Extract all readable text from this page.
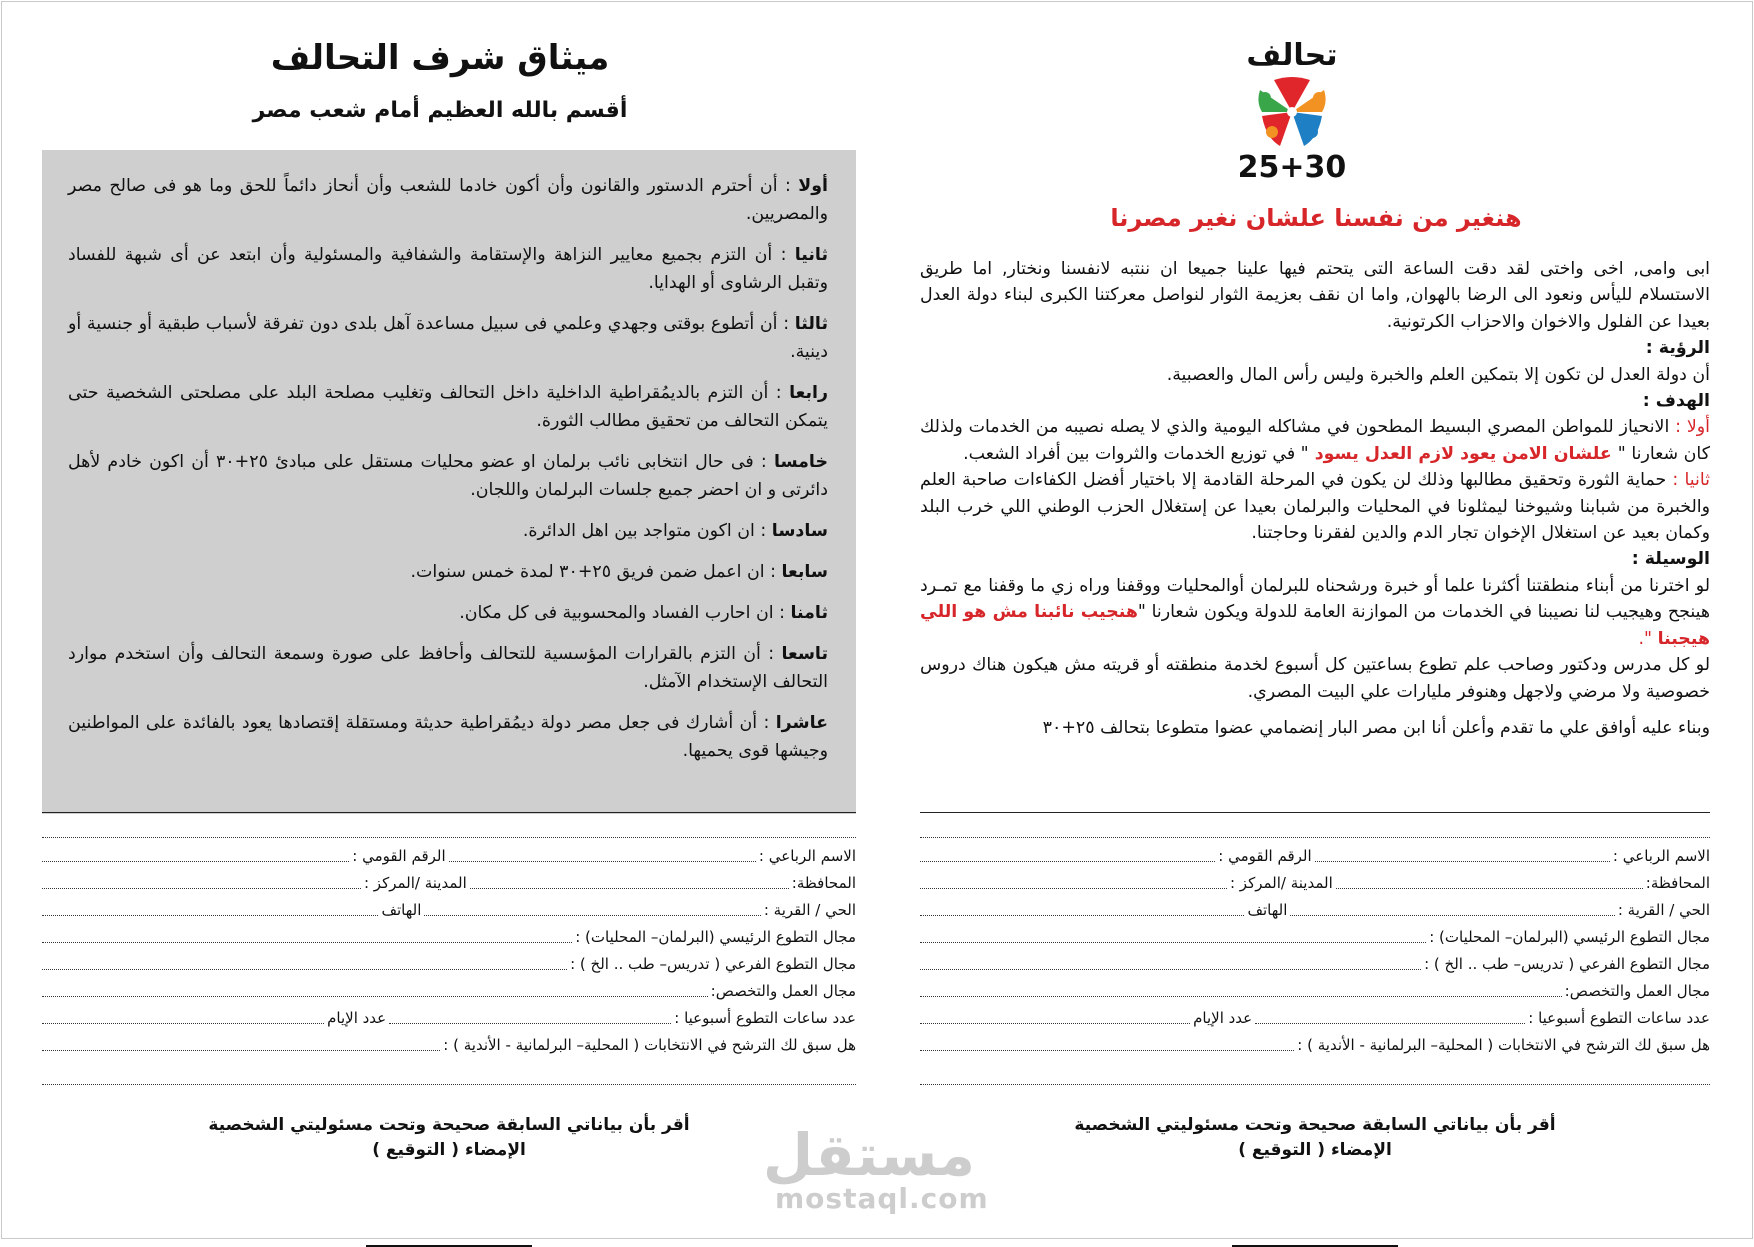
ميثاق شرف التحالف
أقسم بالله العظيم أمام شعب مصر

أولا : أن أحترم الدستور والقانون وأن أكون خادما للشعب وأن أنحاز دائماً للحق وما هو فى صالح مصر والمصريين.

ثانيا : أن التزم بجميع معايير النزاهة والإستقامة والشفافية والمسئولية وأن ابتعد عن أى شبهة للفساد وتقبل الرشاوى أو الهدايا.

ثالثا : أن أتطوع بوقتى وجهدي وعلمي فى سبيل مساعدة آهل بلدى دون تفرقة لأسباب طبقية أو جنسية أو دينية.

رابعا : أن التزم بالديمُقراطية الداخلية داخل التحالف وتغليب مصلحة البلد على مصلحتى الشخصية حتى يتمكن التحالف من تحقيق مطالب الثورة.

خامسا : فى حال انتخابى نائب برلمان او عضو محليات مستقل على مبادئ ٢٥+٣٠ أن اكون خادم لأهل دائرتى و ان احضر جميع جلسات البرلمان واللجان.

سادسا : ان اكون متواجد بين اهل الدائرة.

سابعا : ان اعمل ضمن فريق ٢٥+٣٠ لمدة خمس سنوات.

ثامنا : ان احارب الفساد والمحسوبية فى كل مكان.

تاسعا : أن التزم بالقرارات المؤسسية للتحالف وأحافظ على صورة وسمعة التحالف وأن استخدم موارد التحالف الإستخدام الآمثل.

عاشرا : أن أشارك فى جعل مصر دولة ديمُقراطية حديثة ومستقلة إقتصادها يعود بالفائدة على المواطنين وجيشها قوى يحميها.

الاسم الرباعي :
الرقم القومي :
المحافظة:
المدينة /المركز :
الحي / القرية :
الهاتف
مجال التطوع الرئيسي (البرلمان– المحليات) :
مجال التطوع الفرعي ( تدريس– طب .. الخ ) :
مجال العمل والتخصص:
عدد ساعات التطوع أسبوعيا :
عدد الإيام
هل سبق لك الترشح في الانتخابات ( المحلية– البرلمانية - الأندية ) :
أقر بأن بياناتي السابقة صحيحة وتحت مسئوليتي الشخصية
الإمضاء ( التوقيع )
تحالف
25+30
هنغير من نفسنا علشان نغير مصرنا

ابى وامى, اخى واختى لقد دقت الساعة التى يتحتم فيها علينا جميعا ان ننتبه لانفسنا ونختار, اما طريق الاستسلام لليأس ونعود الى الرضا بالهوان, واما ان نقف بعزيمة الثوار لنواصل معركتنا الكبرى لبناء دولة العدل بعيدا عن الفلول والاخوان والاحزاب الكرتونية.

الرؤية :

أن دولة العدل لن تكون إلا بتمكين العلم والخبرة وليس رأس المال والعصبية.

الهدف :

أولا : الانحياز للمواطن المصري البسيط المطحون في مشاكله اليومية والذي لا يصله نصيبه من الخدمات ولذلك كان شعارنا " علشان الامن يعود لازم العدل يسود " في توزيع الخدمات والثروات بين أفراد الشعب.

ثانيا : حماية الثورة وتحقيق مطالبها وذلك لن يكون في المرحلة القادمة إلا باختيار أفضل الكفاءات صاحبة العلم والخبرة من شبابنا وشيوخنا ليمثلونا في المحليات والبرلمان بعيدا عن إستغلال الحزب الوطني اللي خرب البلد وكمان بعيد عن استغلال الإخوان تجار الدم والدين لفقرنا وحاجتنا.

الوسيلة :

لو اخترنا من أبناء منطقتنا أكثرنا علما أو خبرة ورشحناه للبرلمان أوالمحليات ووقفنا وراه زي ما وقفنا مع تمـرد هينجح وهيجيب لنا نصيبنا في الخدمات من الموازنة العامة للدولة ويكون شعارنا "هنجيب نائبنا مش هو اللي هيجبنا ".

لو كل مدرس ودكتور وصاحب علم تطوع بساعتين كل أسبوع لخدمة منطقته أو قريته مش هيكون هناك دروس خصوصية ولا مرضي ولاجهل وهنوفر مليارات علي البيت المصري.

وبناء عليه أوافق علي ما تقدم وأعلن أنا ابن مصر البار إنضمامي عضوا متطوعا بتحالف ٢٥+٣٠

الاسم الرباعي :
الرقم القومي :
المحافظة:
المدينة /المركز :
الحي / القرية :
الهاتف
مجال التطوع الرئيسي (البرلمان– المحليات) :
مجال التطوع الفرعي ( تدريس– طب .. الخ ) :
مجال العمل والتخصص:
عدد ساعات التطوع أسبوعيا :
عدد الإيام
هل سبق لك الترشح في الانتخابات ( المحلية– البرلمانية - الأندية ) :
أقر بأن بياناتي السابقة صحيحة وتحت مسئوليتي الشخصية
الإمضاء ( التوقيع )
مستقل
mostaql.com
